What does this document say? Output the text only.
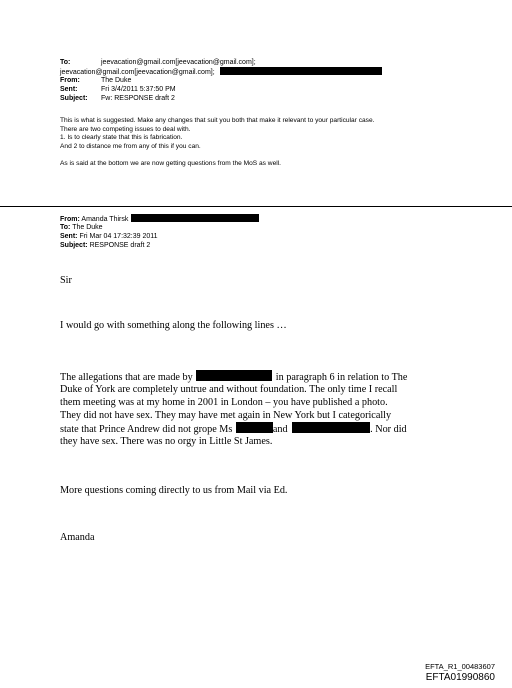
To:	jeevacation@gmail.com[jeevacation@gmail.com];
jeevacation@gmail.com[jeevacation@gmail.com];
From:	The Duke
Sent:	Fri 3/4/2011 5:37:50 PM
Subject: Fw: RESPONSE draft 2
This is what is suggested. Make any changes that suit you both that make it relevant to your particular case.
There are two competing issues to deal with.
1. Is to clearly state that this is fabrication.
And 2 to distance me from any of this if you can.
As is said at the bottom we are now getting questions from the MoS as well.
From: Amanda Thirsk
To: The Duke
Sent: Fri Mar 04 17:32:39 2011
Subject: RESPONSE draft 2
Sir
I would go with something along the following lines …
The allegations that are made by	in paragraph 6 in relation to The
Duke of York are completely untrue and without foundation. The only time I recall
them meeting was at my home in 2001 in London – you have published a photo.
They did not have sex. They may have met again in New York but I categorically
state that Prince Andrew did not grope Ms	and	. Nor did
they have sex. There was no orgy in Little St James.
More questions coming directly to us from Mail via Ed.
Amanda
EFTA_R1_00483607
EFTA01990860
